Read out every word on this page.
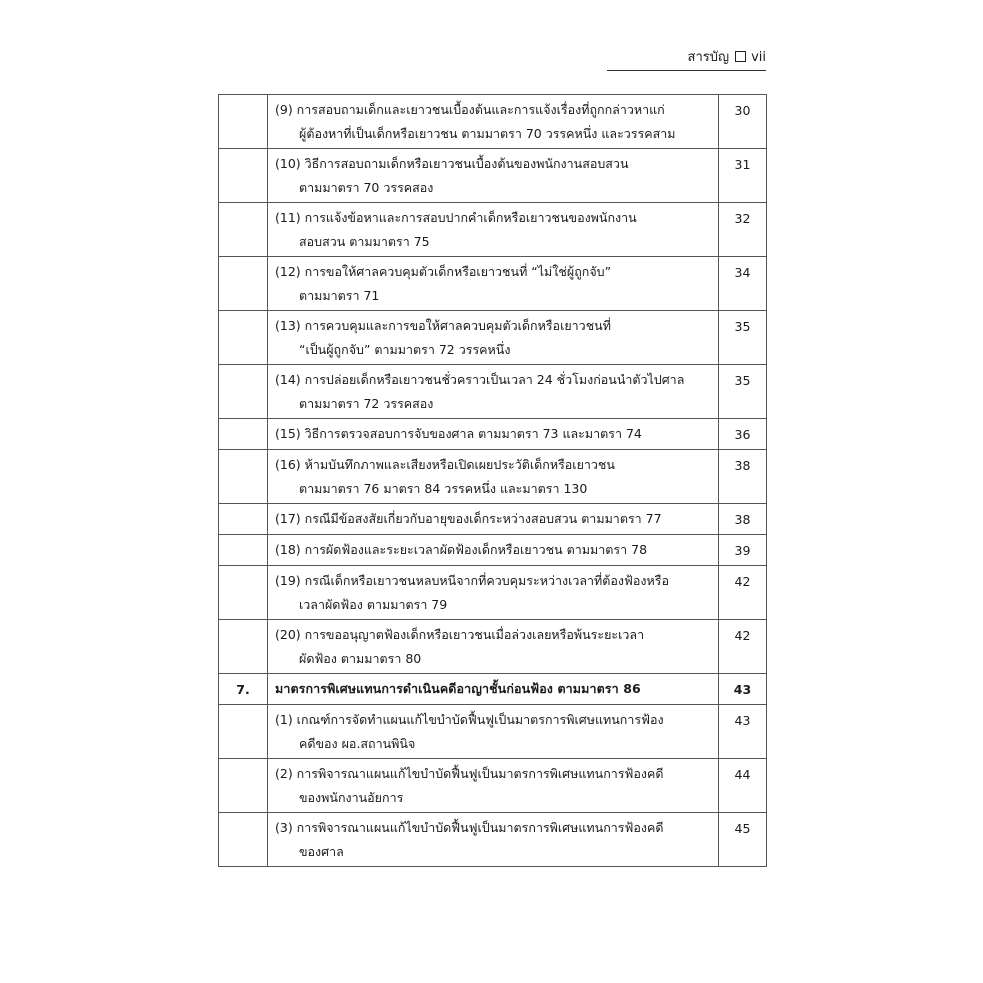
สารบัญ vii
	(9) การสอบถามเด็กและเยาวชนเบื้องต้นและการแจ้งเรื่องที่ถูกกล่าวหาแก่
ผู้ต้องหาที่เป็นเด็กหรือเยาวชน ตามมาตรา 70 วรรคหนึ่ง และวรรคสาม	30
	(10) วิธีการสอบถามเด็กหรือเยาวชนเบื้องต้นของพนักงานสอบสวน
ตามมาตรา 70 วรรคสอง	31
	(11) การแจ้งข้อหาและการสอบปากคำเด็กหรือเยาวชนของพนักงาน
สอบสวน ตามมาตรา 75	32
	(12) การขอให้ศาลควบคุมตัวเด็กหรือเยาวชนที่ “ไม่ใช่ผู้ถูกจับ”
ตามมาตรา 71	34
	(13) การควบคุมและการขอให้ศาลควบคุมตัวเด็กหรือเยาวชนที่
“เป็นผู้ถูกจับ” ตามมาตรา 72 วรรคหนึ่ง	35
	(14) การปล่อยเด็กหรือเยาวชนชั่วคราวเป็นเวลา 24 ชั่วโมงก่อนนำตัวไปศาล
ตามมาตรา 72 วรรคสอง	35
	(15) วิธีการตรวจสอบการจับของศาล ตามมาตรา 73 และมาตรา 74	36
	(16) ห้ามบันทึกภาพและเสียงหรือเปิดเผยประวัติเด็กหรือเยาวชน
ตามมาตรา 76 มาตรา 84 วรรคหนึ่ง และมาตรา 130	38
	(17) กรณีมีข้อสงสัยเกี่ยวกับอายุของเด็กระหว่างสอบสวน ตามมาตรา 77	38
	(18) การผัดฟ้องและระยะเวลาผัดฟ้องเด็กหรือเยาวชน ตามมาตรา 78	39
	(19) กรณีเด็กหรือเยาวชนหลบหนีจากที่ควบคุมระหว่างเวลาที่ต้องฟ้องหรือ
เวลาผัดฟ้อง ตามมาตรา 79	42
	(20) การขออนุญาตฟ้องเด็กหรือเยาวชนเมื่อล่วงเลยหรือพ้นระยะเวลา
ผัดฟ้อง ตามมาตรา 80	42
7.	มาตรการพิเศษแทนการดำเนินคดีอาญาชั้นก่อนฟ้อง ตามมาตรา 86	43
	(1) เกณฑ์การจัดทำแผนแก้ไขบำบัดฟื้นฟูเป็นมาตรการพิเศษแทนการฟ้อง
คดีของ ผอ.สถานพินิจ	43
	(2) การพิจารณาแผนแก้ไขบำบัดฟื้นฟูเป็นมาตรการพิเศษแทนการฟ้องคดี
ของพนักงานอัยการ	44
	(3) การพิจารณาแผนแก้ไขบำบัดฟื้นฟูเป็นมาตรการพิเศษแทนการฟ้องคดี
ของศาล	45
